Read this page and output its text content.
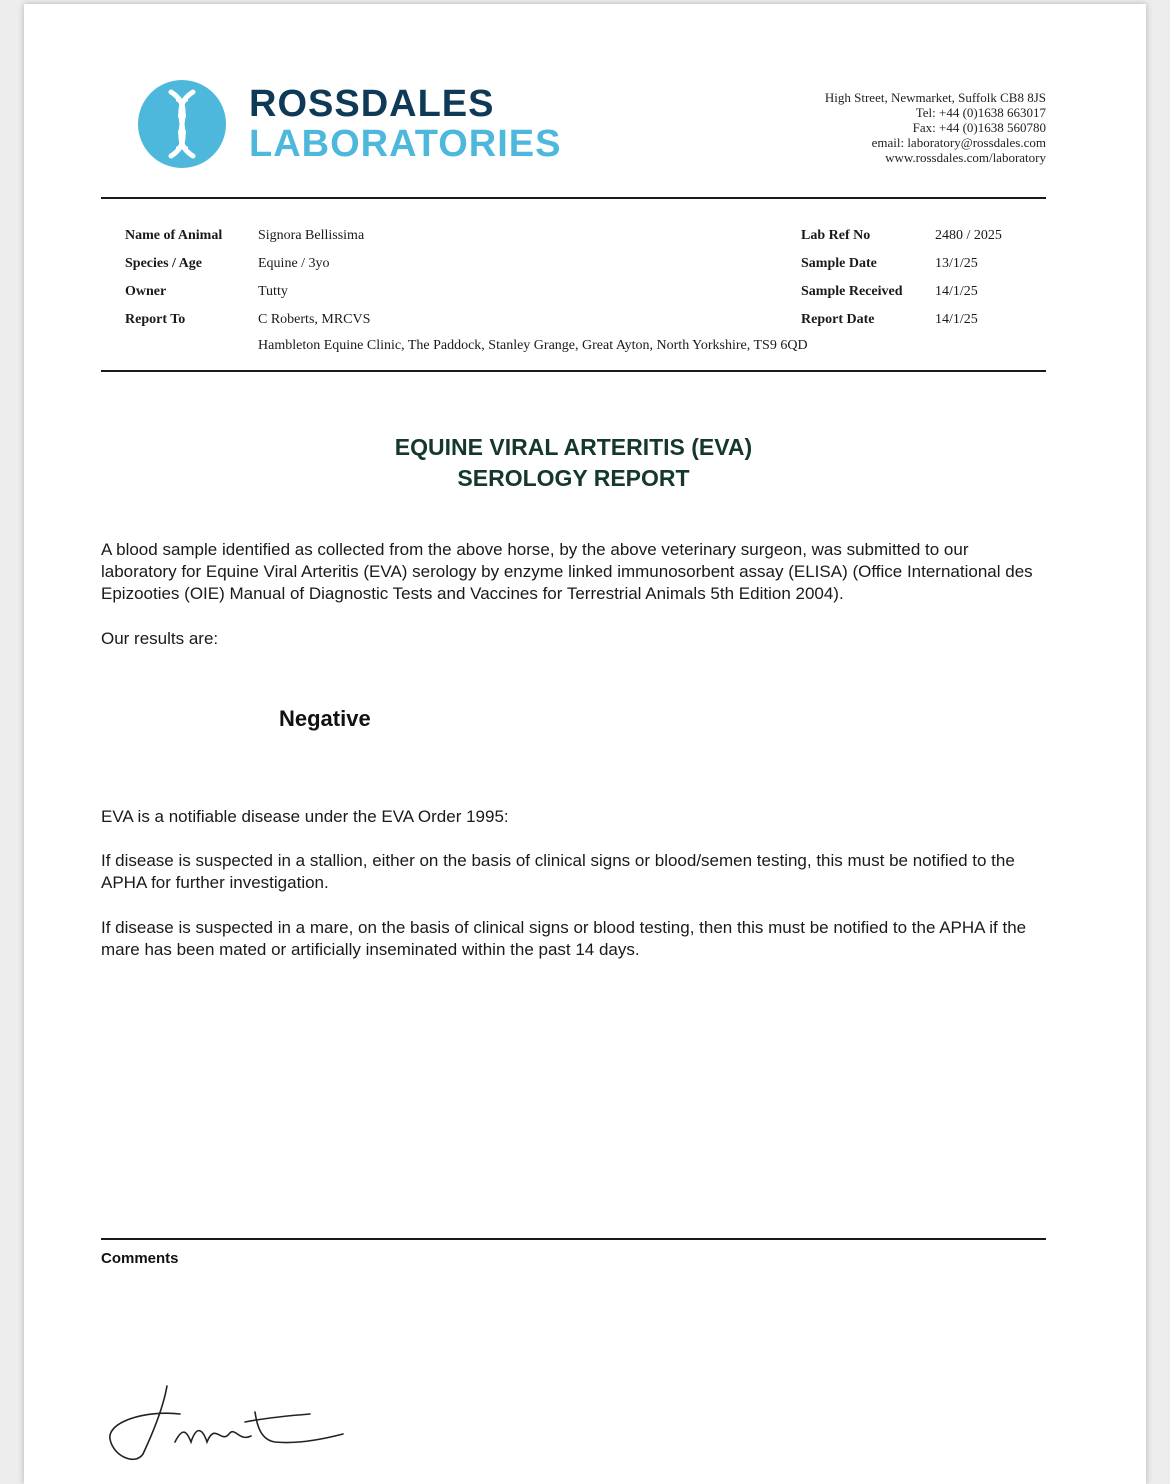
ROSSDALES
LABORATORIES
High Street, Newmarket, Suffolk CB8 8JS
Tel: +44 (0)1638 663017
Fax: +44 (0)1638 560780
email: laboratory@rossdales.com
www.rossdales.com/laboratory
Name of Animal	Signora Bellissima
Species / Age	Equine / 3yo
Owner	Tutty
Report To	C Roberts, MRCVS
Hambleton Equine Clinic, The Paddock, Stanley Grange, Great Ayton, North Yorkshire, TS9 6QD
Lab Ref No	2480 / 2025
Sample Date	13/1/25
Sample Received 14/1/25
Report Date	14/1/25
EQUINE VIRAL ARTERITIS (EVA)
SEROLOGY REPORT
A blood sample identified as collected from the above horse, by the above veterinary surgeon, was submitted to our laboratory for Equine Viral Arteritis (EVA) serology by enzyme linked immunosorbent assay (ELISA) (Office International des Epizooties (OIE) Manual of Diagnostic Tests and Vaccines for Terrestrial Animals 5th Edition 2004).
Our results are:
Negative
EVA is a notifiable disease under the EVA Order 1995:
If disease is suspected in a stallion, either on the basis of clinical signs or blood/semen testing, this must be notified to the APHA for further investigation.
If disease is suspected in a mare, on the basis of clinical signs or blood testing, then this must be notified to the APHA if the mare has been mated or artificially inseminated within the past 14 days.
Comments
